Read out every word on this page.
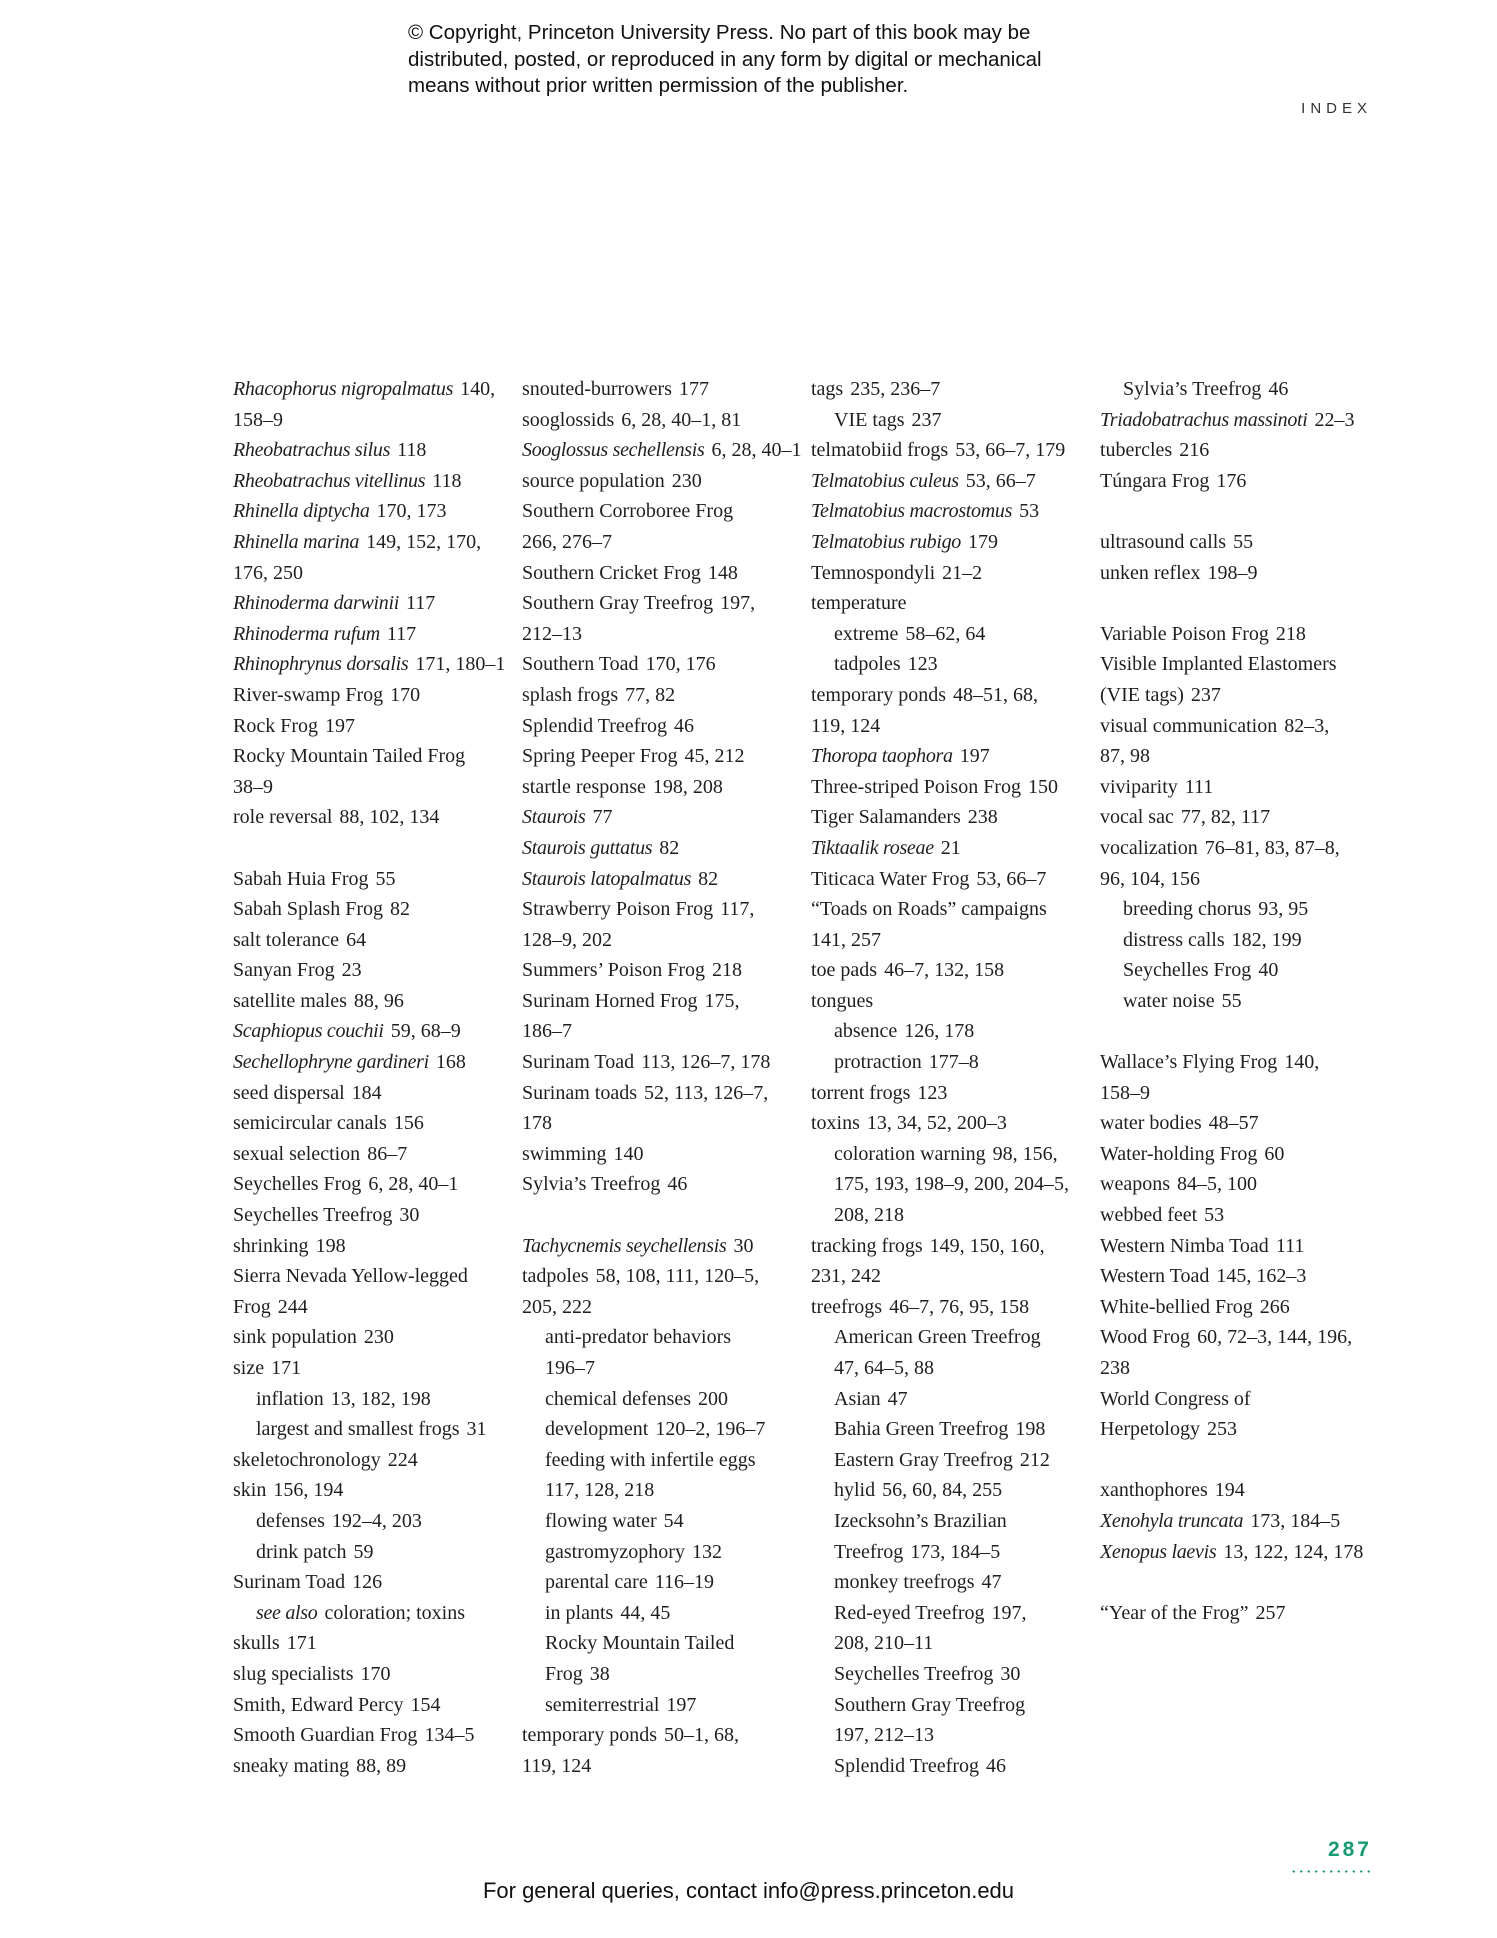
© Copyright, Princeton University Press. No part of this book may be
distributed, posted, or reproduced in any form by digital or mechanical
means without prior written permission of the publisher.
INDEX
Rhacophorus nigropalmatus 140,
158–9
Rheobatrachus silus 118
Rheobatrachus vitellinus 118
Rhinella diptycha 170, 173
Rhinella marina 149, 152, 170,
176, 250
Rhinoderma darwinii 117
Rhinoderma rufum 117
Rhinophrynus dorsalis 171, 180–1
River-swamp Frog 170
Rock Frog 197
Rocky Mountain Tailed Frog
38–9
role reversal 88, 102, 134
Sabah Huia Frog 55
Sabah Splash Frog 82
salt tolerance 64
Sanyan Frog 23
satellite males 88, 96
Scaphiopus couchii 59, 68–9
Sechellophryne gardineri 168
seed dispersal 184
semicircular canals 156
sexual selection 86–7
Seychelles Frog 6, 28, 40–1
Seychelles Treefrog 30
shrinking 198
Sierra Nevada Yellow-legged
Frog 244
sink population 230
size 171
inflation 13, 182, 198
largest and smallest frogs 31
skeletochronology 224
skin 156, 194
defenses 192–4, 203
drink patch 59
Surinam Toad 126
see also coloration; toxins
skulls 171
slug specialists 170
Smith, Edward Percy 154
Smooth Guardian Frog 134–5
sneaky mating 88, 89
snouted-burrowers 177
sooglossids 6, 28, 40–1, 81
Sooglossus sechellensis 6, 28, 40–1
source population 230
Southern Corroboree Frog
266, 276–7
Southern Cricket Frog 148
Southern Gray Treefrog 197,
212–13
Southern Toad 170, 176
splash frogs 77, 82
Splendid Treefrog 46
Spring Peeper Frog 45, 212
startle response 198, 208
Staurois 77
Staurois guttatus 82
Staurois latopalmatus 82
Strawberry Poison Frog 117,
128–9, 202
Summers’ Poison Frog 218
Surinam Horned Frog 175,
186–7
Surinam Toad 113, 126–7, 178
Surinam toads 52, 113, 126–7,
178
swimming 140
Sylvia’s Treefrog 46
Tachycnemis seychellensis 30
tadpoles 58, 108, 111, 120–5,
205, 222
anti-predator behaviors
196–7
chemical defenses 200
development 120–2, 196–7
feeding with infertile eggs
117, 128, 218
flowing water 54
gastromyzophory 132
parental care 116–19
in plants 44, 45
Rocky Mountain Tailed
Frog 38
semiterrestrial 197
temporary ponds 50–1, 68,
119, 124
tags 235, 236–7
VIE tags 237
telmatobiid frogs 53, 66–7, 179
Telmatobius culeus 53, 66–7
Telmatobius macrostomus 53
Telmatobius rubigo 179
Temnospondyli 21–2
temperature
extreme 58–62, 64
tadpoles 123
temporary ponds 48–51, 68,
119, 124
Thoropa taophora 197
Three-striped Poison Frog 150
Tiger Salamanders 238
Tiktaalik roseae 21
Titicaca Water Frog 53, 66–7
“Toads on Roads” campaigns
141, 257
toe pads 46–7, 132, 158
tongues
absence 126, 178
protraction 177–8
torrent frogs 123
toxins 13, 34, 52, 200–3
coloration warning 98, 156,
175, 193, 198–9, 200, 204–5,
208, 218
tracking frogs 149, 150, 160,
231, 242
treefrogs 46–7, 76, 95, 158
American Green Treefrog
47, 64–5, 88
Asian 47
Bahia Green Treefrog 198
Eastern Gray Treefrog 212
hylid 56, 60, 84, 255
Izecksohn’s Brazilian
Treefrog 173, 184–5
monkey treefrogs 47
Red-eyed Treefrog 197,
208, 210–11
Seychelles Treefrog 30
Southern Gray Treefrog
197, 212–13
Splendid Treefrog 46
Sylvia’s Treefrog 46
Triadobatrachus massinoti 22–3
tubercles 216
Túngara Frog 176
ultrasound calls 55
unken reflex 198–9
Variable Poison Frog 218
Visible Implanted Elastomers
(VIE tags) 237
visual communication 82–3,
87, 98
viviparity 111
vocal sac 77, 82, 117
vocalization 76–81, 83, 87–8,
96, 104, 156
breeding chorus 93, 95
distress calls 182, 199
Seychelles Frog 40
water noise 55
Wallace’s Flying Frog 140,
158–9
water bodies 48–57
Water-holding Frog 60
weapons 84–5, 100
webbed feet 53
Western Nimba Toad 111
Western Toad 145, 162–3
White-bellied Frog 266
Wood Frog 60, 72–3, 144, 196,
238
World Congress of
Herpetology 253
xanthophores 194
Xenohyla truncata 173, 184–5
Xenopus laevis 13, 122, 124, 178
“Year of the Frog” 257
287
For general queries, contact info@press.princeton.edu
